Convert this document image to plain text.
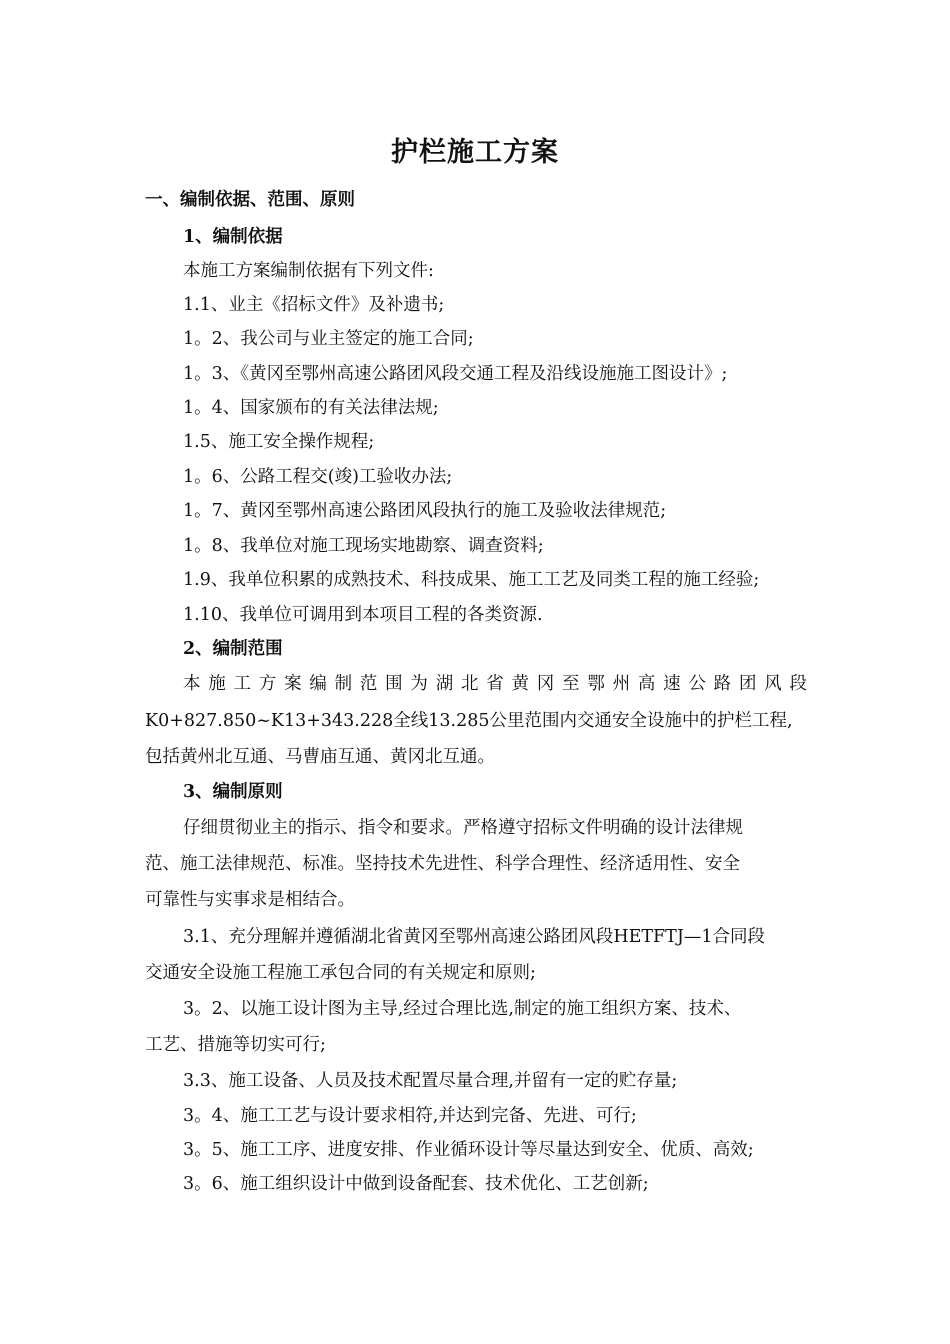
护栏施工方案
一、编制依据、范围、原则
1、编制依据
本施工方案编制依据有下列文件:
1.1、业主《招标文件》及补遗书;
1。2、我公司与业主签定的施工合同;
1。3、《黄冈至鄂州高速公路团风段交通工程及沿线设施施工图设计》;
1。4、国家颁布的有关法律法规;
1.5、施工安全操作规程;
1。6、公路工程交(竣)工验收办法;
1。7、黄冈至鄂州高速公路团风段执行的施工及验收法律规范;
1。8、我单位对施工现场实地勘察、调查资料;
1.9、我单位积累的成熟技术、科技成果、施工工艺及同类工程的施工经验;
1.10、我单位可调用到本项目工程的各类资源.
2、编制范围
本施工方案编制范围为湖北省黄冈至鄂州高速公路团风段
K0+827.850~K13+343.228全线13.285公里范围内交通安全设施中的护栏工程,
包括黄州北互通、马曹庙互通、黄冈北互通。
3、编制原则
仔细贯彻业主的指示、指令和要求。严格遵守招标文件明确的设计法律规
范、施工法律规范、标准。坚持技术先进性、科学合理性、经济适用性、安全
可靠性与实事求是相结合。
3.1、充分理解并遵循湖北省黄冈至鄂州高速公路团风段HETFTJ—1合同段
交通安全设施工程施工承包合同的有关规定和原则;
3。2、以施工设计图为主导,经过合理比选,制定的施工组织方案、技术、
工艺、措施等切实可行;
3.3、施工设备、人员及技术配置尽量合理,并留有一定的贮存量;
3。4、施工工艺与设计要求相符,并达到完备、先进、可行;
3。5、施工工序、进度安排、作业循环设计等尽量达到安全、优质、高效;
3。6、施工组织设计中做到设备配套、技术优化、工艺创新;
